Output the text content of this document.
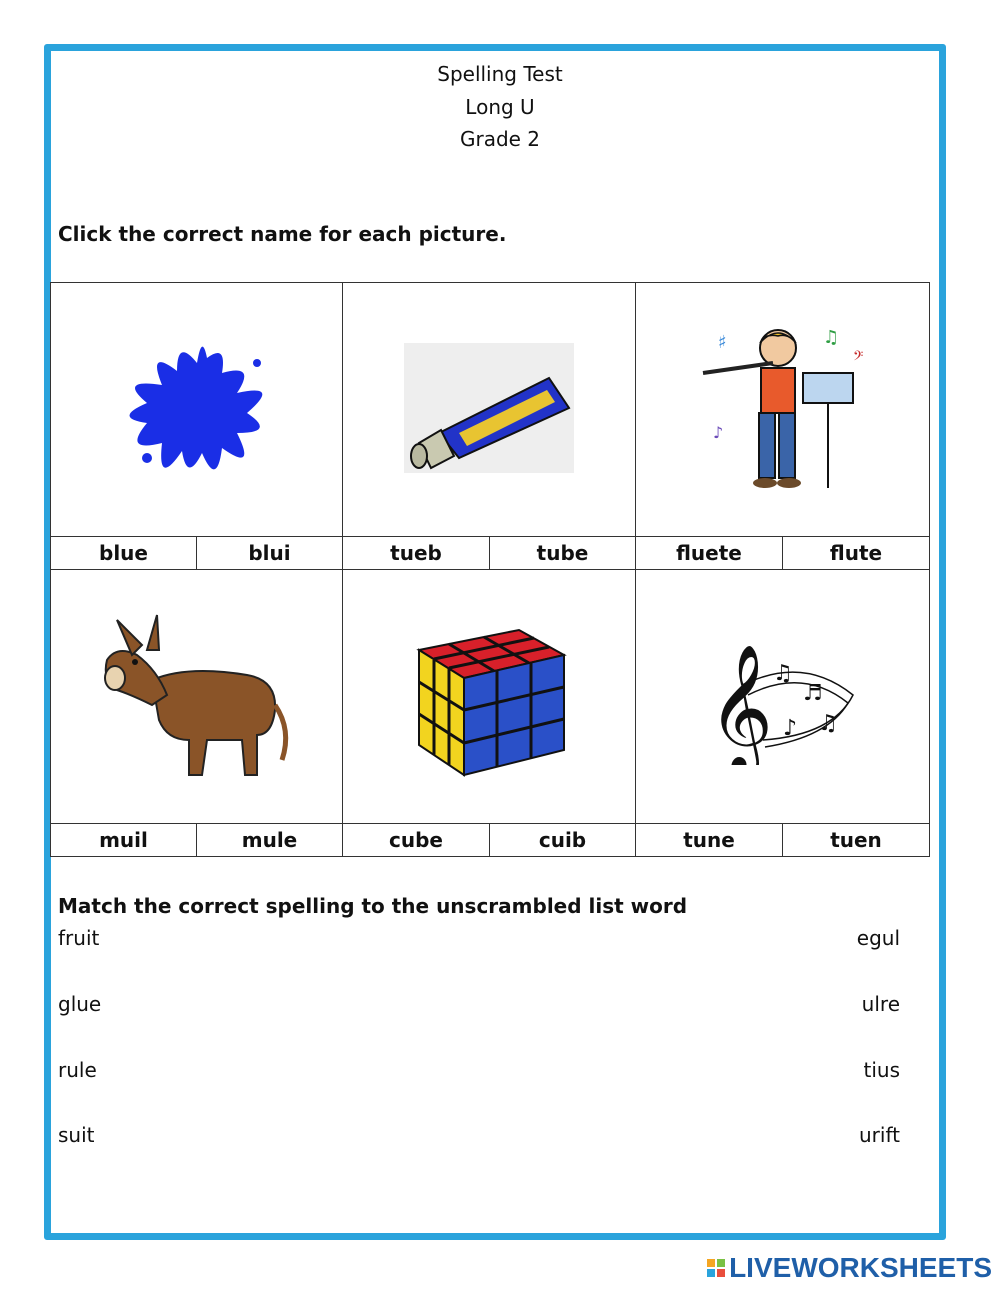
Spelling Test
Long U
Grade 2
Click the correct name for each picture.

♯ ♫
♪
𝄢	

blue	blui	tueb	tube	fluete	flute

𝄞 ♫
♬
♪ ♫	

muil	mule	cube	cuib	tune	tuen
Match the correct spelling to the unscrambled list word
fruit
glue
rule
suit
egul
ulre
tius
urift
LIVEWORKSHEETS
